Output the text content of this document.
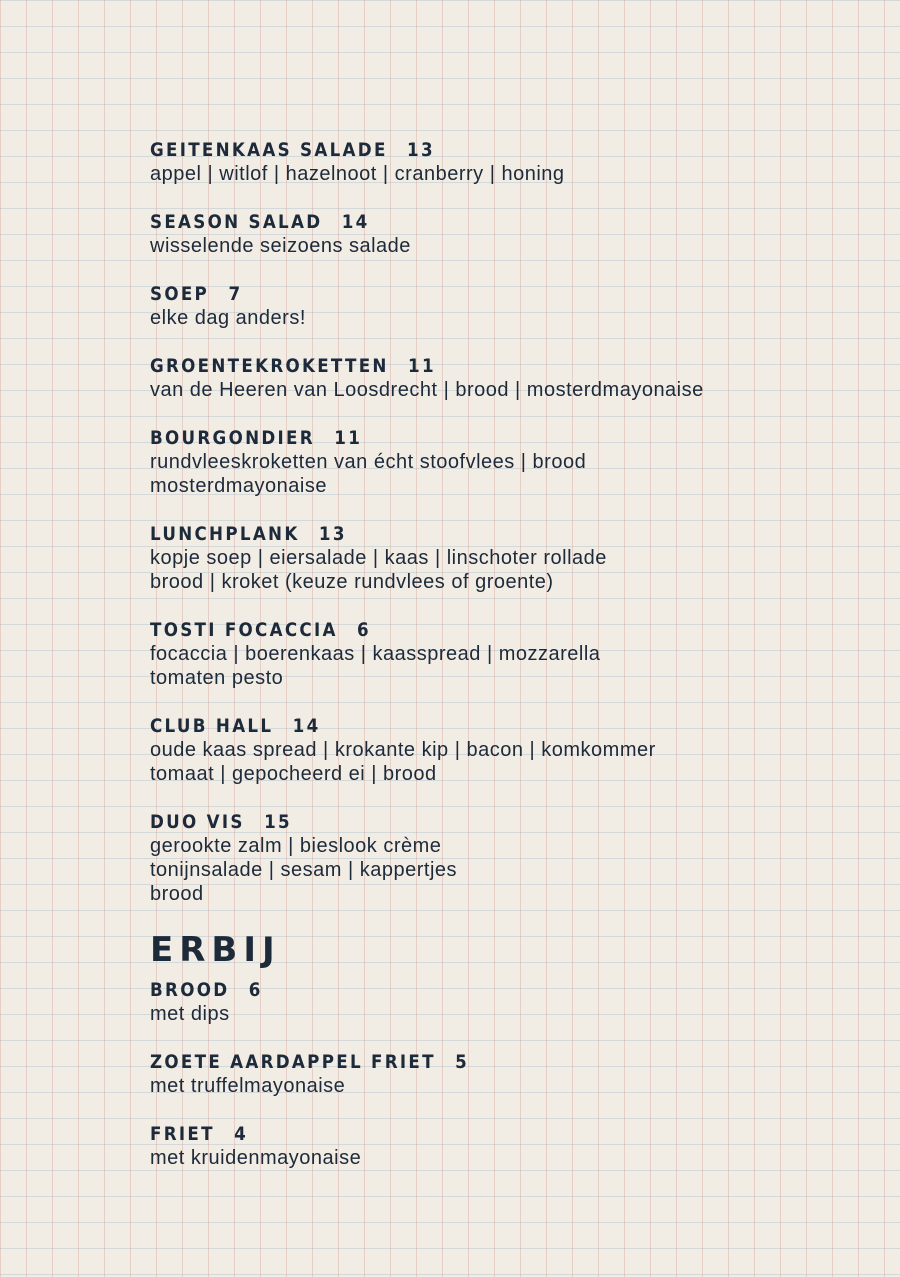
GEITENKAAS SALADE 13
appel | witlof | hazelnoot | cranberry | honing
SEASON SALAD 14
wisselende seizoens salade
SOEP 7
elke dag anders!
GROENTEKROKETTEN 11
van de Heeren van Loosdrecht | brood | mosterdmayonaise
BOURGONDIER 11
rundvleeskroketten van écht stoofvlees | brood
mosterdmayonaise
LUNCHPLANK 13
kopje soep | eiersalade | kaas | linschoter rollade
brood | kroket (keuze rundvlees of groente)
TOSTI FOCACCIA 6
focaccia | boerenkaas | kaasspread | mozzarella
tomaten pesto
CLUB HALL 14
oude kaas spread | krokante kip | bacon | komkommer
tomaat | gepocheerd ei | brood
DUO VIS 15
gerookte zalm | bieslook crème
tonijnsalade | sesam | kappertjes
brood
ERBIJ
BROOD 6
met dips
ZOETE AARDAPPEL FRIET 5
met truffelmayonaise
FRIET 4
met kruidenmayonaise
